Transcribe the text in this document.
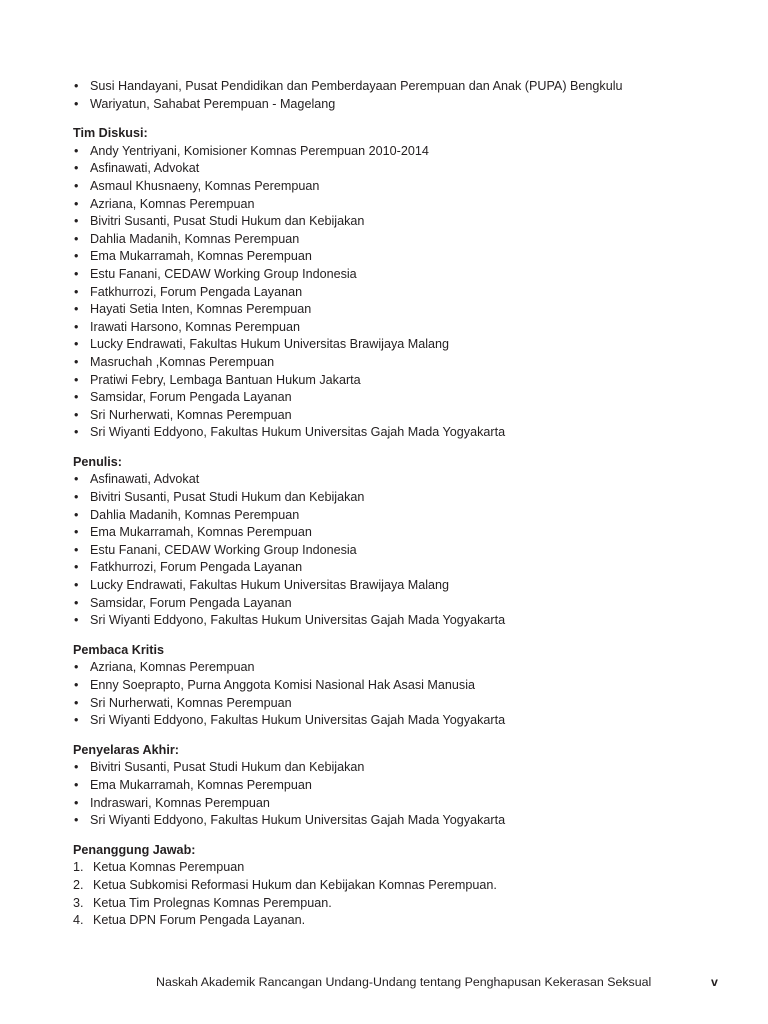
• Susi Handayani, Pusat Pendidikan dan Pemberdayaan Perempuan dan Anak (PUPA) Bengkulu
• Wariyatun, Sahabat Perempuan - Magelang
Tim Diskusi:
• Andy Yentriyani, Komisioner Komnas Perempuan 2010-2014
• Asfinawati, Advokat
• Asmaul Khusnaeny, Komnas Perempuan
• Azriana, Komnas Perempuan
• Bivitri Susanti, Pusat Studi Hukum dan Kebijakan
• Dahlia Madanih, Komnas Perempuan
• Ema Mukarramah, Komnas Perempuan
• Estu Fanani, CEDAW Working Group Indonesia
• Fatkhurrozi, Forum Pengada Layanan
• Hayati Setia Inten, Komnas Perempuan
• Irawati Harsono, Komnas Perempuan
• Lucky Endrawati, Fakultas Hukum Universitas Brawijaya Malang
• Masruchah ,Komnas Perempuan
• Pratiwi Febry, Lembaga Bantuan Hukum Jakarta
• Samsidar, Forum Pengada Layanan
• Sri Nurherwati, Komnas Perempuan
• Sri Wiyanti Eddyono, Fakultas Hukum Universitas Gajah Mada Yogyakarta
Penulis:
• Asfinawati, Advokat
• Bivitri Susanti, Pusat Studi Hukum dan Kebijakan
• Dahlia Madanih, Komnas Perempuan
• Ema Mukarramah, Komnas Perempuan
• Estu Fanani, CEDAW Working Group Indonesia
• Fatkhurrozi, Forum Pengada Layanan
• Lucky Endrawati, Fakultas Hukum Universitas Brawijaya Malang
• Samsidar, Forum Pengada Layanan
• Sri Wiyanti Eddyono, Fakultas Hukum Universitas Gajah Mada Yogyakarta
Pembaca Kritis
• Azriana, Komnas Perempuan
• Enny Soeprapto, Purna Anggota Komisi Nasional Hak Asasi Manusia
• Sri Nurherwati, Komnas Perempuan
• Sri Wiyanti Eddyono, Fakultas Hukum Universitas Gajah Mada Yogyakarta
Penyelaras Akhir:
• Bivitri Susanti, Pusat Studi Hukum dan Kebijakan
• Ema Mukarramah, Komnas Perempuan
• Indraswari, Komnas Perempuan
• Sri Wiyanti Eddyono, Fakultas Hukum Universitas Gajah Mada Yogyakarta
Penanggung Jawab:
1. Ketua Komnas Perempuan
2. Ketua Subkomisi Reformasi Hukum dan Kebijakan Komnas Perempuan.
3. Ketua Tim Prolegnas Komnas Perempuan.
4. Ketua DPN Forum Pengada Layanan.
Naskah Akademik Rancangan Undang-Undang tentang Penghapusan Kekerasan Seksual	v
